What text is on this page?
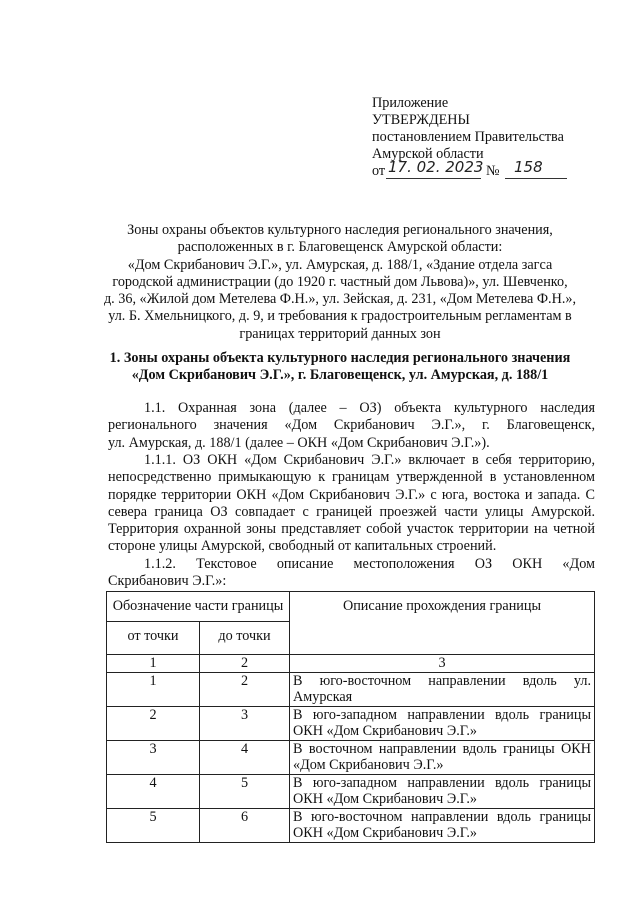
Приложение
УТВЕРЖДЕНЫ
постановлением Правительства
Амурской области
от 17. 02. 2023 № 158
Зоны охраны объектов культурного наследия регионального значения,
расположенных в г. Благовещенск Амурской области:
«Дом Скрибанович Э.Г.», ул. Амурская, д. 188/1, «Здание отдела загса
городской администрации (до 1920 г. частный дом Львова)», ул. Шевченко,
д. 36, «Жилой дом Метелева Ф.Н.», ул. Зейская, д. 231, «Дом Метелева Ф.Н.»,
ул. Б. Хмельницкого, д. 9, и требования к градостроительным регламентам в
границах территорий данных зон
1. Зоны охраны объекта культурного наследия регионального значения
«Дом Скрибанович Э.Г.», г. Благовещенск, ул. Амурская, д. 188/1
1.1. Охранная зона (далее – ОЗ) объекта культурного наследия
регионального значения «Дом Скрибанович Э.Г.», г. Благовещенск,
ул. Амурская, д. 188/1 (далее – ОКН «Дом Скрибанович Э.Г.»).
1.1.1. ОЗ ОКН «Дом Скрибанович Э.Г.» включает в себя территорию,
непосредственно примыкающую к границам утвержденной в установленном
порядке территории ОКН «Дом Скрибанович Э.Г.» с юга, востока и запада. С
севера граница ОЗ совпадает с границей проезжей части улицы Амурской.
Территория охранной зоны представляет собой участок территории на четной
стороне улицы Амурской, свободный от капитальных строений.
1.1.2. Текстовое описание местоположения ОЗ ОКН «Дом
Скрибанович Э.Г.»:
Обозначение части границы		Описание прохождения границы
от точки	до точки	
1	2	3
1	2	В юго-восточном направлении вдоль ул. Амурская
2	3	В юго-западном направлении вдоль границы ОКН «Дом Скрибанович Э.Г.»
3	4	В восточном направлении вдоль границы ОКН «Дом Скрибанович Э.Г.»
4	5	В юго-западном направлении вдоль границы ОКН «Дом Скрибанович Э.Г.»
5	6	В юго-восточном направлении вдоль границы ОКН «Дом Скрибанович Э.Г.»
